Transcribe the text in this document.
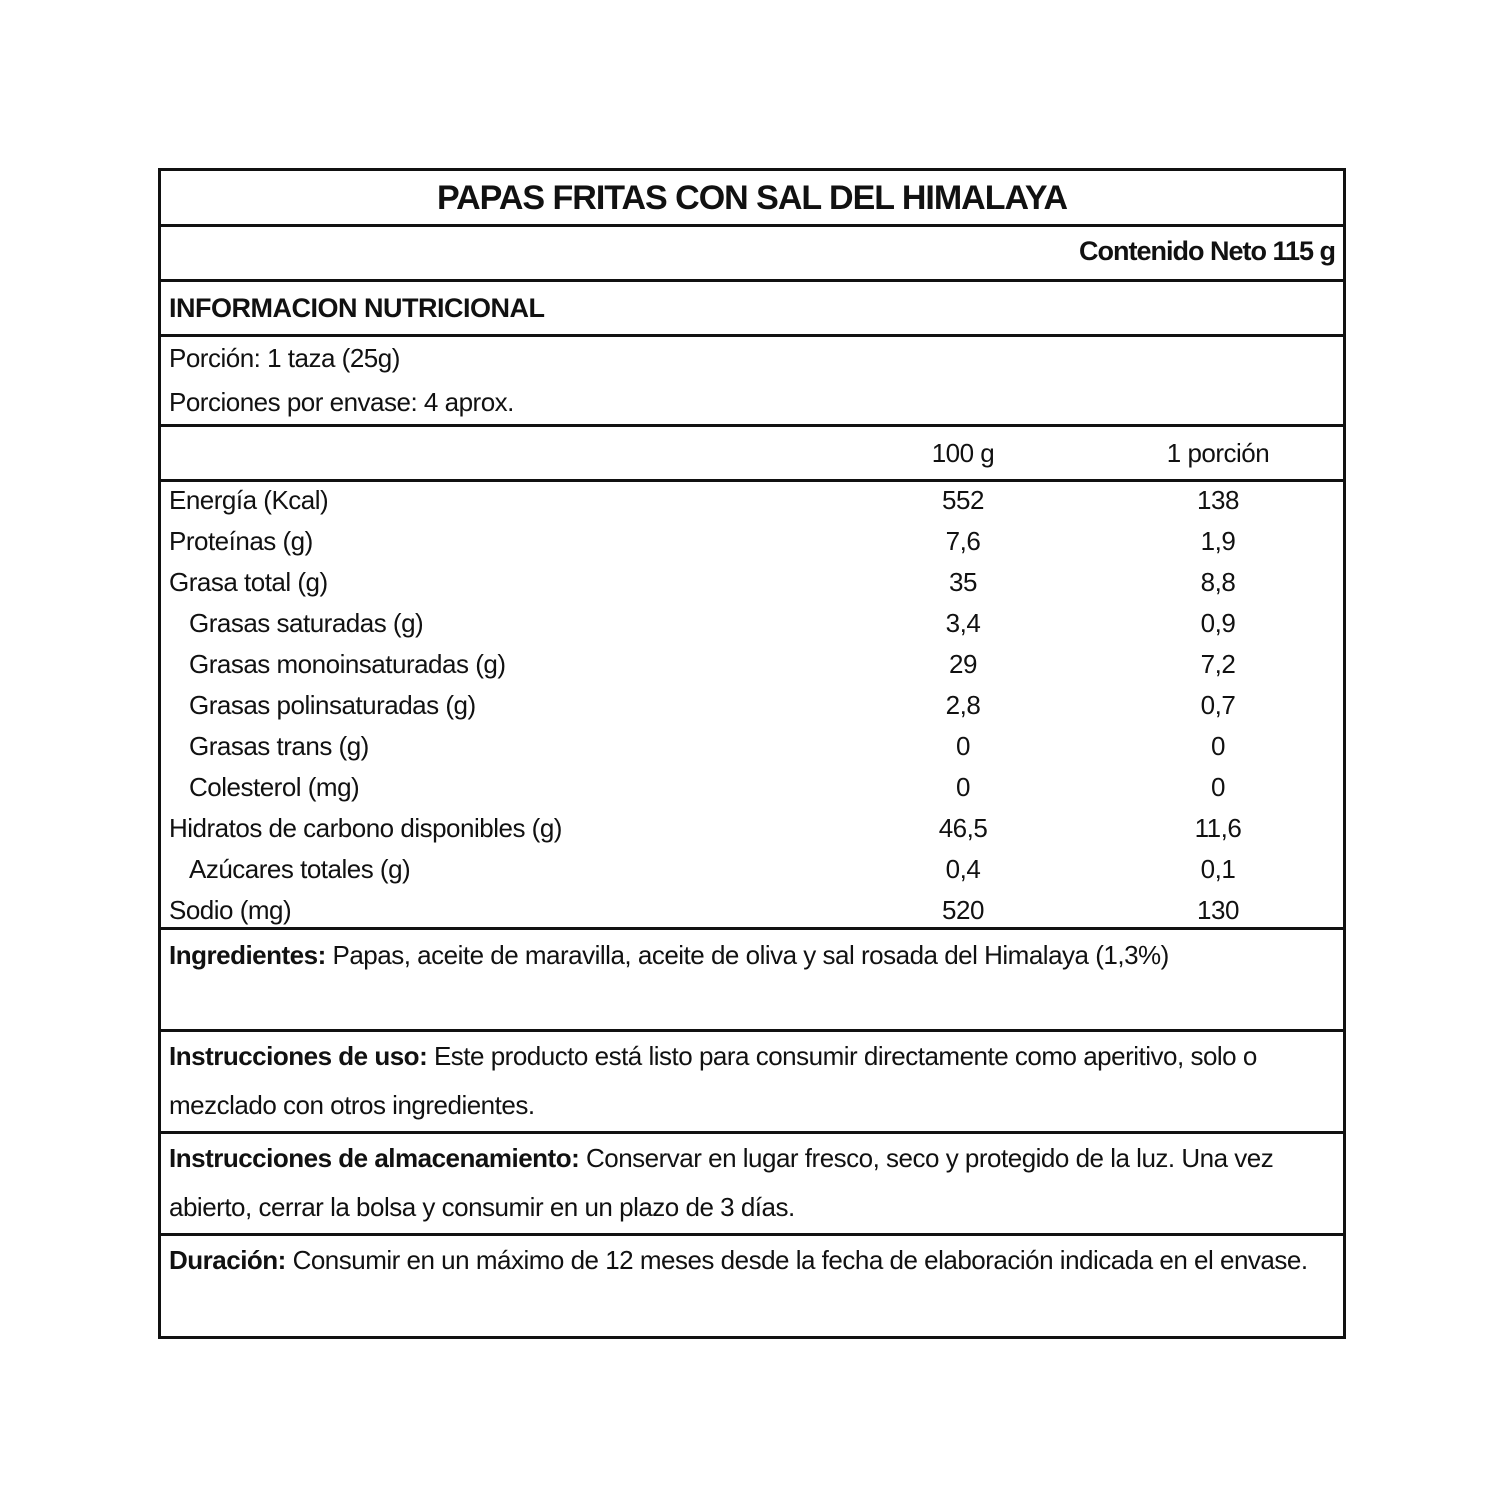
PAPAS FRITAS CON SAL DEL HIMALAYA
Contenido Neto 115 g
INFORMACION NUTRICIONAL
Porción: 1 taza (25g)
Porciones por envase: 4 aprox.
100 g	1 porción
Energía (Kcal)	552	138
Proteínas (g)	7,6	1,9
Grasa total (g)	35	8,8
Grasas saturadas (g)	3,4	0,9
Grasas monoinsaturadas (g)	29	7,2
Grasas polinsaturadas (g)	2,8	0,7
Grasas trans (g)	0	0
Colesterol (mg)	0	0
Hidratos de carbono disponibles (g)	46,5	11,6
Azúcares totales (g)	0,4	0,1
Sodio (mg)	520	130
Ingredientes: Papas, aceite de maravilla, aceite de oliva y sal rosada del Himalaya (1,3%)
Instrucciones de uso: Este producto está listo para consumir directamente como aperitivo, solo o mezclado con otros ingredientes.
Instrucciones de almacenamiento: Conservar en lugar fresco, seco y protegido de la luz. Una vez abierto, cerrar la bolsa y consumir en un plazo de 3 días.
Duración: Consumir en un máximo de 12 meses desde la fecha de elaboración indicada en el envase.
